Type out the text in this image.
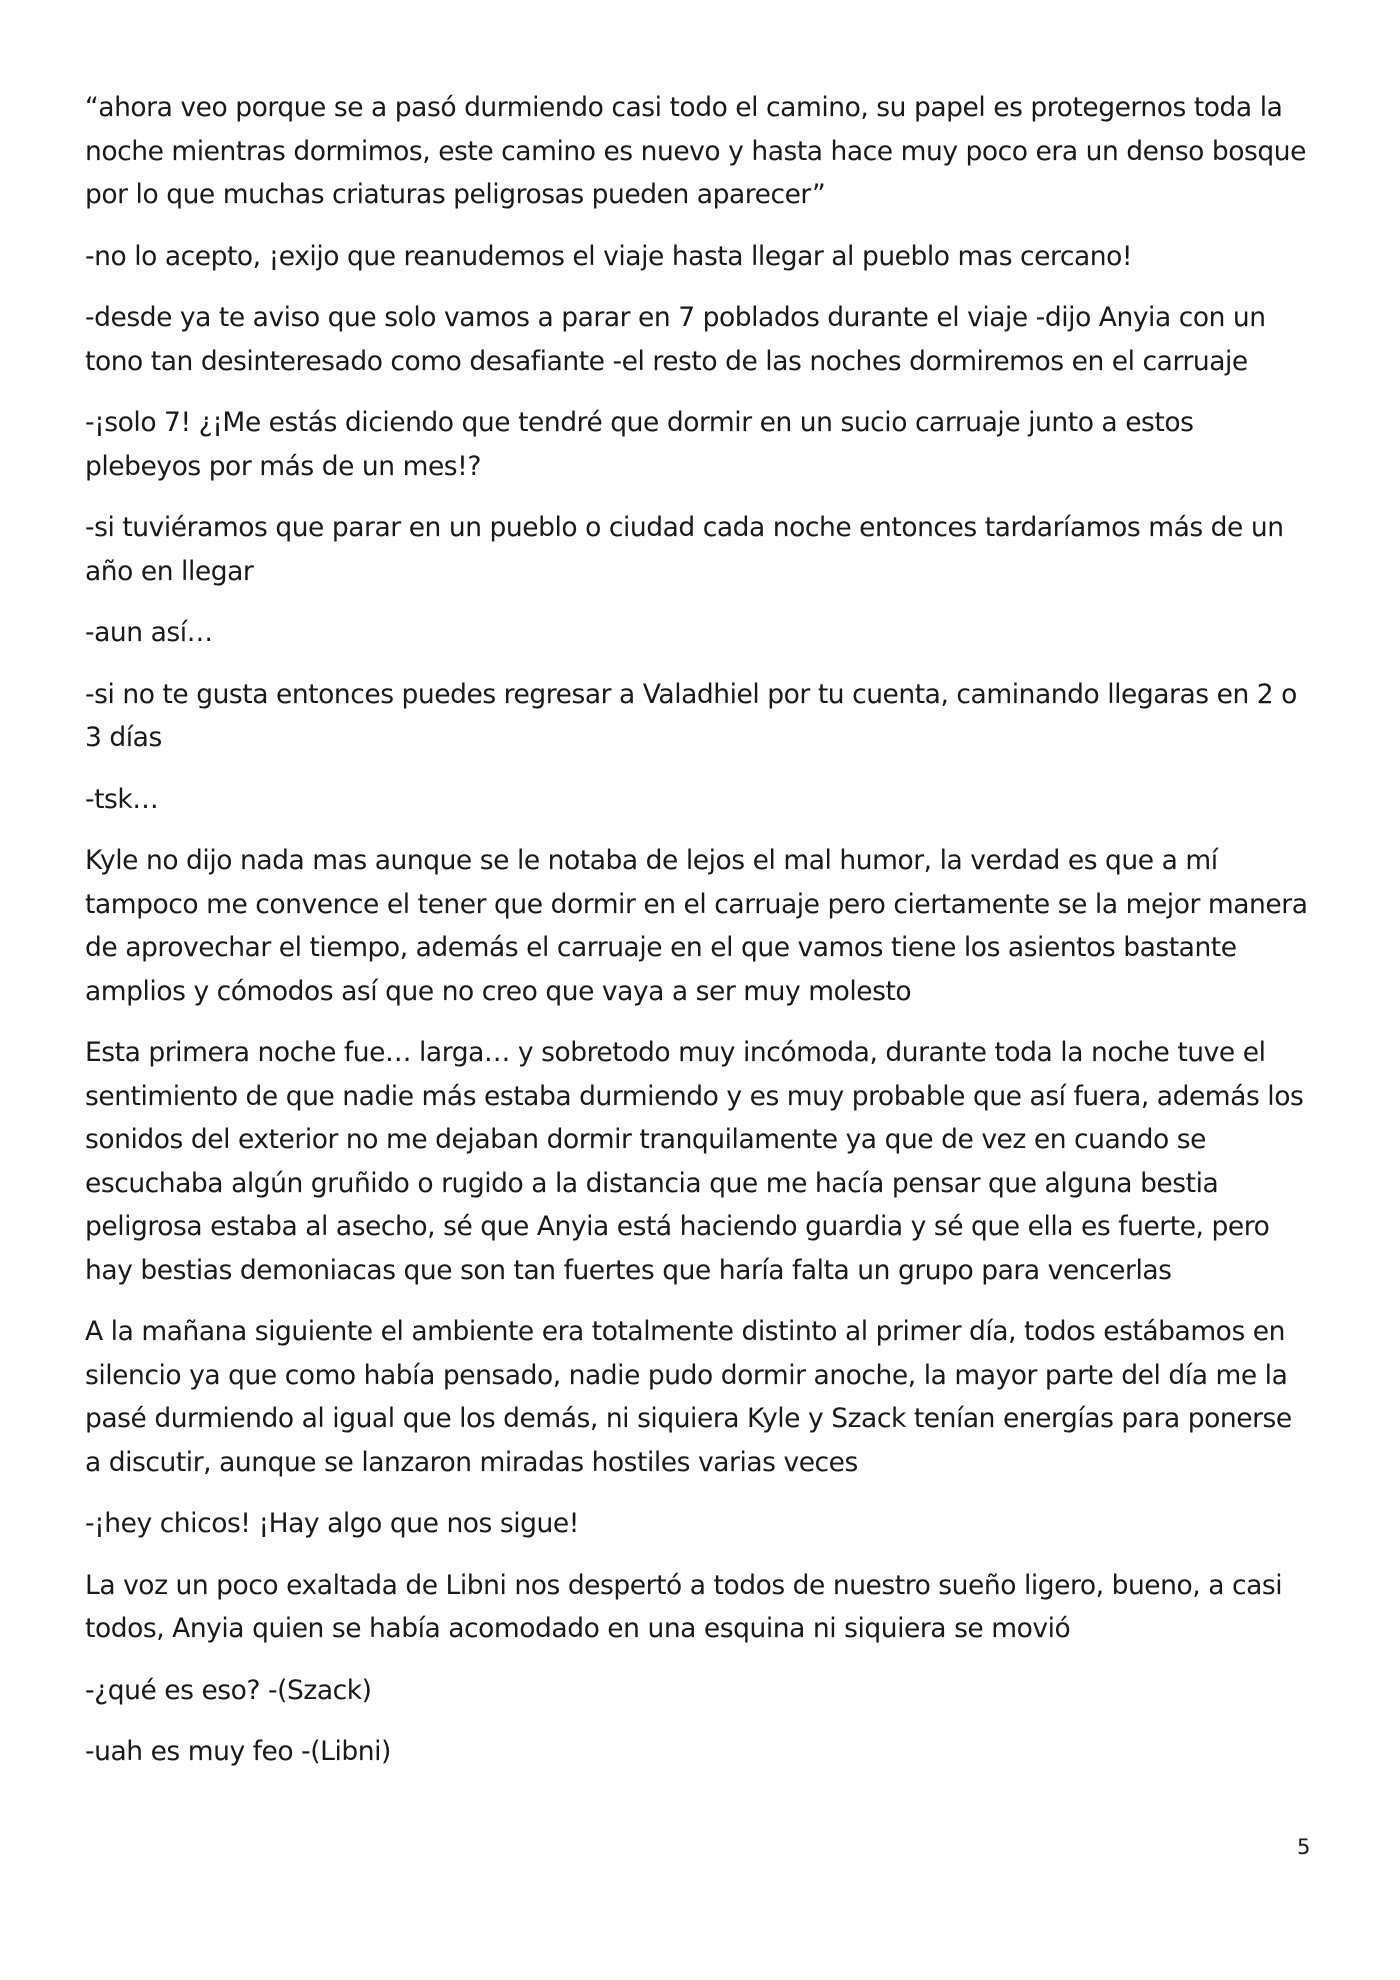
“ahora veo porque se a pasó durmiendo casi todo el camino, su papel es protegernos toda la noche mientras dormimos, este camino es nuevo y hasta hace muy poco era un denso bosque por lo que muchas criaturas peligrosas pueden aparecer”

-no lo acepto, ¡exijo que reanudemos el viaje hasta llegar al pueblo mas cercano!

-desde ya te aviso que solo vamos a parar en 7 poblados durante el viaje -dijo Anyia con un tono tan desinteresado como desafiante -el resto de las noches dormiremos en el carruaje

-¡solo 7! ¿¡Me estás diciendo que tendré que dormir en un sucio carruaje junto a estos plebeyos por más de un mes!?

-si tuviéramos que parar en un pueblo o ciudad cada noche entonces tardaríamos más de un año en llegar

-aun así…

-si no te gusta entonces puedes regresar a Valadhiel por tu cuenta, caminando llegaras en 2 o 3 días

-tsk…

Kyle no dijo nada mas aunque se le notaba de lejos el mal humor, la verdad es que a mí tampoco me convence el tener que dormir en el carruaje pero ciertamente se la mejor manera de aprovechar el tiempo, además el carruaje en el que vamos tiene los asientos bastante amplios y cómodos así que no creo que vaya a ser muy molesto

Esta primera noche fue… larga… y sobretodo muy incómoda, durante toda la noche tuve el sentimiento de que nadie más estaba durmiendo y es muy probable que así fuera, además los sonidos del exterior no me dejaban dormir tranquilamente ya que de vez en cuando se escuchaba algún gruñido o rugido a la distancia que me hacía pensar que alguna bestia peligrosa estaba al asecho, sé que Anyia está haciendo guardia y sé que ella es fuerte, pero hay bestias demoniacas que son tan fuertes que haría falta un grupo para vencerlas

A la mañana siguiente el ambiente era totalmente distinto al primer día, todos estábamos en silencio ya que como había pensado, nadie pudo dormir anoche, la mayor parte del día me la pasé durmiendo al igual que los demás, ni siquiera Kyle y Szack tenían energías para ponerse a discutir, aunque se lanzaron miradas hostiles varias veces

-¡hey chicos! ¡Hay algo que nos sigue!

La voz un poco exaltada de Libni nos despertó a todos de nuestro sueño ligero, bueno, a casi todos, Anyia quien se había acomodado en una esquina ni siquiera se movió

-¿qué es eso? -(Szack)

-uah es muy feo -(Libni)

5
